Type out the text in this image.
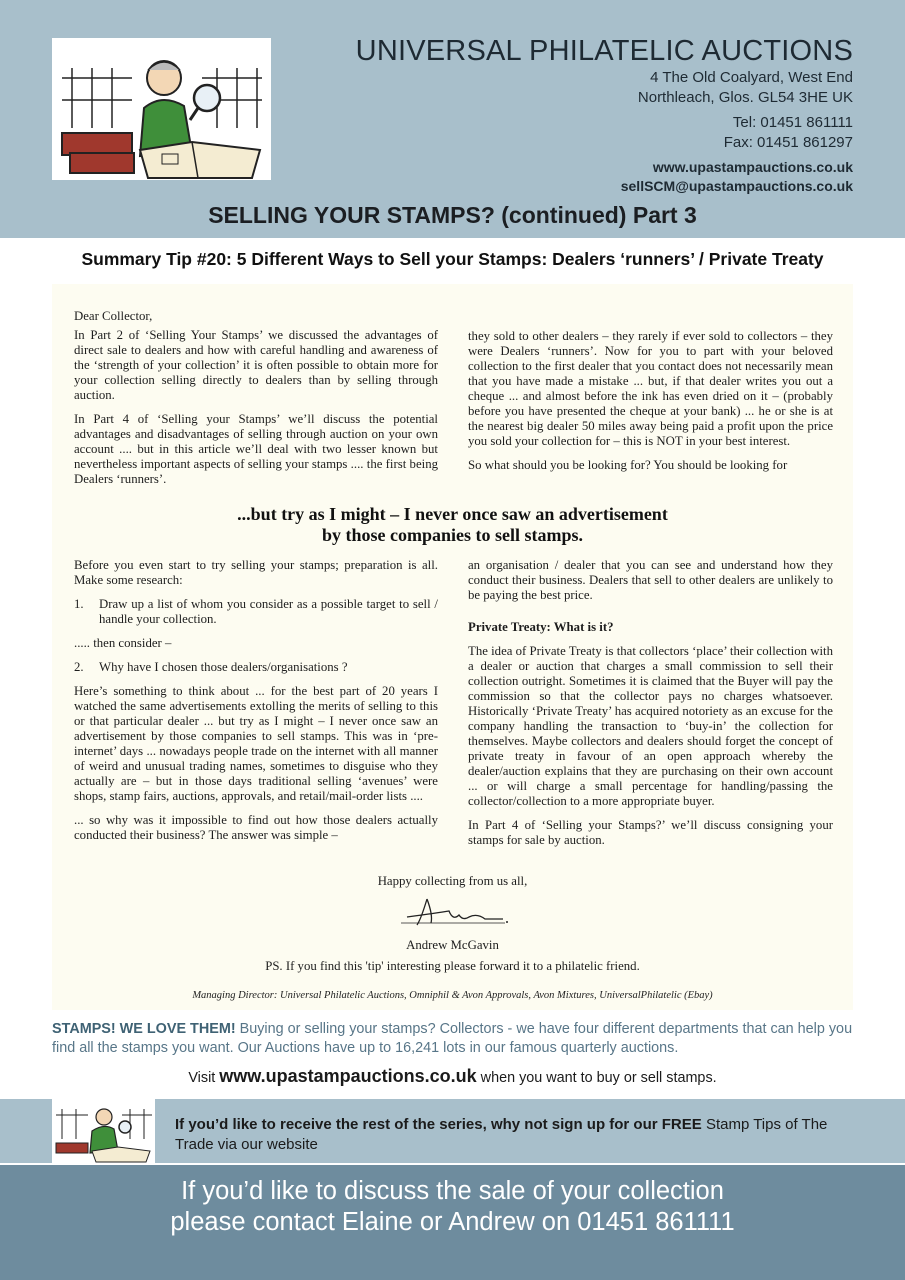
UNIVERSAL PHILATELIC AUCTIONS
4 The Old Coalyard, West End
Northleach, Glos. GL54 3HE UK
Tel: 01451 861111
Fax: 01451 861297
www.upastampauctions.co.uk
sellSCM@upastampauctions.co.uk
SELLING YOUR STAMPS? (continued) Part 3
Summary Tip #20: 5 Different Ways to Sell your Stamps: Dealers ‘runners’ / Private Treaty

Dear Collector,

In Part 2 of ‘Selling Your Stamps’ we discussed the advantages of direct sale to dealers and how with careful handling and awareness of the ‘strength of your collection’ it is often possible to obtain more for your collection selling directly to dealers than by selling through auction.

In Part 4 of ‘Selling your Stamps’ we’ll discuss the potential advantages and disadvantages of selling through auction on your own account .... but in this article we’ll deal with two lesser known but nevertheless important aspects of selling your stamps .... the first being Dealers ‘runners’.

they sold to other dealers – they rarely if ever sold to collectors – they were Dealers ‘runners’. Now for you to part with your beloved collection to the first dealer that you contact does not necessarily mean that you have made a mistake ... but, if that dealer writes you out a cheque ... and almost before the ink has even dried on it – (probably before you have presented the cheque at your bank) ... he or she is at the nearest big dealer 50 miles away being paid a profit upon the price you sold your collection for – this is NOT in your best interest.

So what should you be looking for? You should be looking for

...but try as I might – I never once saw an advertisement
by those companies to sell stamps.

Before you even start to try selling your stamps; preparation is all. Make some research:

1.	Draw up a list of whom you consider as a possible target to sell / handle your collection.

..... then consider –

2.	Why have I chosen those dealers/organisations ?

Here’s something to think about ... for the best part of 20 years I watched the same advertisements extolling the merits of selling to this or that particular dealer ... but try as I might – I never once saw an advertisement by those companies to sell stamps. This was in ‘pre-internet’ days ... nowadays people trade on the internet with all manner of weird and unusual trading names, sometimes to disguise who they actually are – but in those days traditional selling ‘avenues’ were shops, stamp fairs, auctions, approvals, and retail/mail-order lists ....

... so why was it impossible to find out how those dealers actually conducted their business? The answer was simple –

an organisation / dealer that you can see and understand how they conduct their business. Dealers that sell to other dealers are unlikely to be paying the best price.

Private Treaty: What is it?

The idea of Private Treaty is that collectors ‘place’ their collection with a dealer or auction that charges a small commission to sell their collection outright. Sometimes it is claimed that the Buyer will pay the commission so that the collector pays no charges whatsoever. Historically ‘Private Treaty’ has acquired notoriety as an excuse for the company handling the transaction to ‘buy-in’ the collection for themselves. Maybe collectors and dealers should forget the concept of private treaty in favour of an open approach whereby the dealer/auction explains that they are purchasing on their own account ... or will charge a small percentage for handling/passing the collector/collection to a more appropriate buyer.

In Part 4 of ‘Selling your Stamps?’ we’ll discuss consigning your stamps for sale by auction.

Happy collecting from us all,
Andrew McGavin
PS. If you find this 'tip' interesting please forward it to a philatelic friend.
Managing Director: Universal Philatelic Auctions, Omniphil & Avon Approvals, Avon Mixtures, UniversalPhilatelic (Ebay)
STAMPS! WE LOVE THEM! Buying or selling your stamps? Collectors - we have four different departments that can help you find all the stamps you want. Our Auctions have up to 16,241 lots in our famous quarterly auctions.
Visit www.upastampauctions.co.uk when you want to buy or sell stamps.
If you’d like to receive the rest of the series, why not sign up for our FREE Stamp Tips of The Trade via our website
If you’d like to discuss the sale of your collection
please contact Elaine or Andrew on 01451 861111
